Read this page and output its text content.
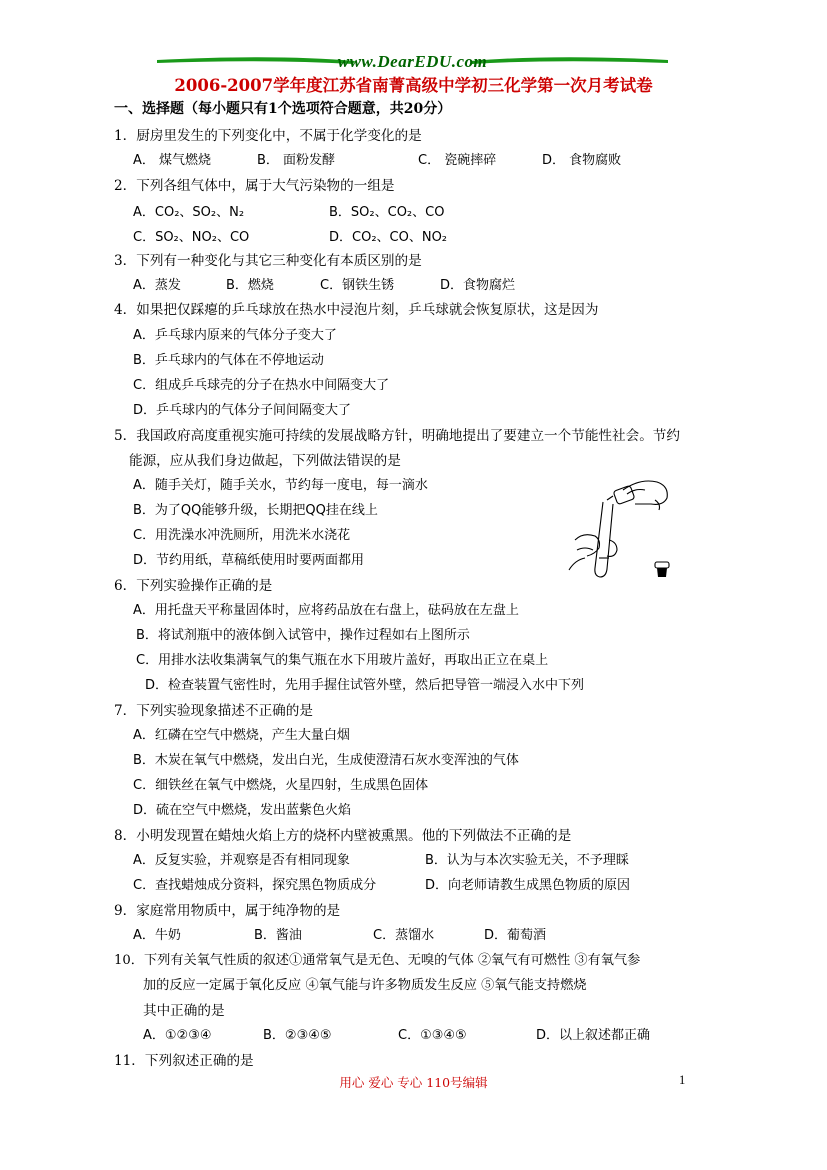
www.DearEDU.com
2006-2007学年度江苏省南菁高级中学初三化学第一次月考试卷
一、选择题（每小题只有1个选项符合题意，共20分）
1．厨房里发生的下列变化中，不属于化学变化的是
A． 煤气燃烧	B． 面粉发酵	C． 瓷碗摔碎	D． 食物腐败
2．下列各组气体中，属于大气污染物的一组是
A．CO₂、SO₂、N₂	B．SO₂、CO₂、CO
C．SO₂、NO₂、CO	D．CO₂、CO、NO₂
3．下列有一种变化与其它三种变化有本质区别的是
A．蒸发	B．燃烧	C．钢铁生锈	D．食物腐烂
4．如果把仅踩瘪的乒乓球放在热水中浸泡片刻，乒乓球就会恢复原状，这是因为
A．乒乓球内原来的气体分子变大了
B．乒乓球内的气体在不停地运动
C．组成乒乓球壳的分子在热水中间隔变大了
D．乒乓球内的气体分子间间隔变大了
5．我国政府高度重视实施可持续的发展战略方针，明确地提出了要建立一个节能性社会。节约
能源，应从我们身边做起，下列做法错误的是
A．随手关灯，随手关水，节约每一度电，每一滴水
B．为了QQ能够升级，长期把QQ挂在线上
C．用洗澡水冲洗厕所，用洗米水浇花
D．节约用纸，草稿纸使用时要两面都用
6．下列实验操作正确的是
A．用托盘天平称量固体时，应将药品放在右盘上，砝码放在左盘上
B．将试剂瓶中的液体倒入试管中，操作过程如右上图所示
C．用排水法收集满氧气的集气瓶在水下用玻片盖好，再取出正立在桌上
D．检查装置气密性时，先用手握住试管外壁，然后把导管一端浸入水中下列
7．下列实验现象描述不正确的是
A．红磷在空气中燃烧，产生大量白烟
B．木炭在氧气中燃烧，发出白光，生成使澄清石灰水变浑浊的气体
C．细铁丝在氧气中燃烧，火星四射，生成黑色固体
D．硫在空气中燃烧，发出蓝紫色火焰
8．小明发现置在蜡烛火焰上方的烧杯内壁被熏黑。他的下列做法不正确的是
A．反复实验，并观察是否有相同现象	B．认为与本次实验无关，不予理睬
C．查找蜡烛成分资料，探究黑色物质成分	D．向老师请教生成黑色物质的原因
9．家庭常用物质中，属于纯净物的是
A．牛奶	B．酱油	C．蒸馏水	D．葡萄酒
10．下列有关氧气性质的叙述①通常氧气是无色、无嗅的气体 ②氧气有可燃性 ③有氧气参
加的反应一定属于氧化反应 ④氧气能与许多物质发生反应 ⑤氧气能支持燃烧
其中正确的是
A．①②③④	B．②③④⑤	C．①③④⑤	D．以上叙述都正确
11．下列叙述正确的是
用心 爱心 专心 110号编辑	1
